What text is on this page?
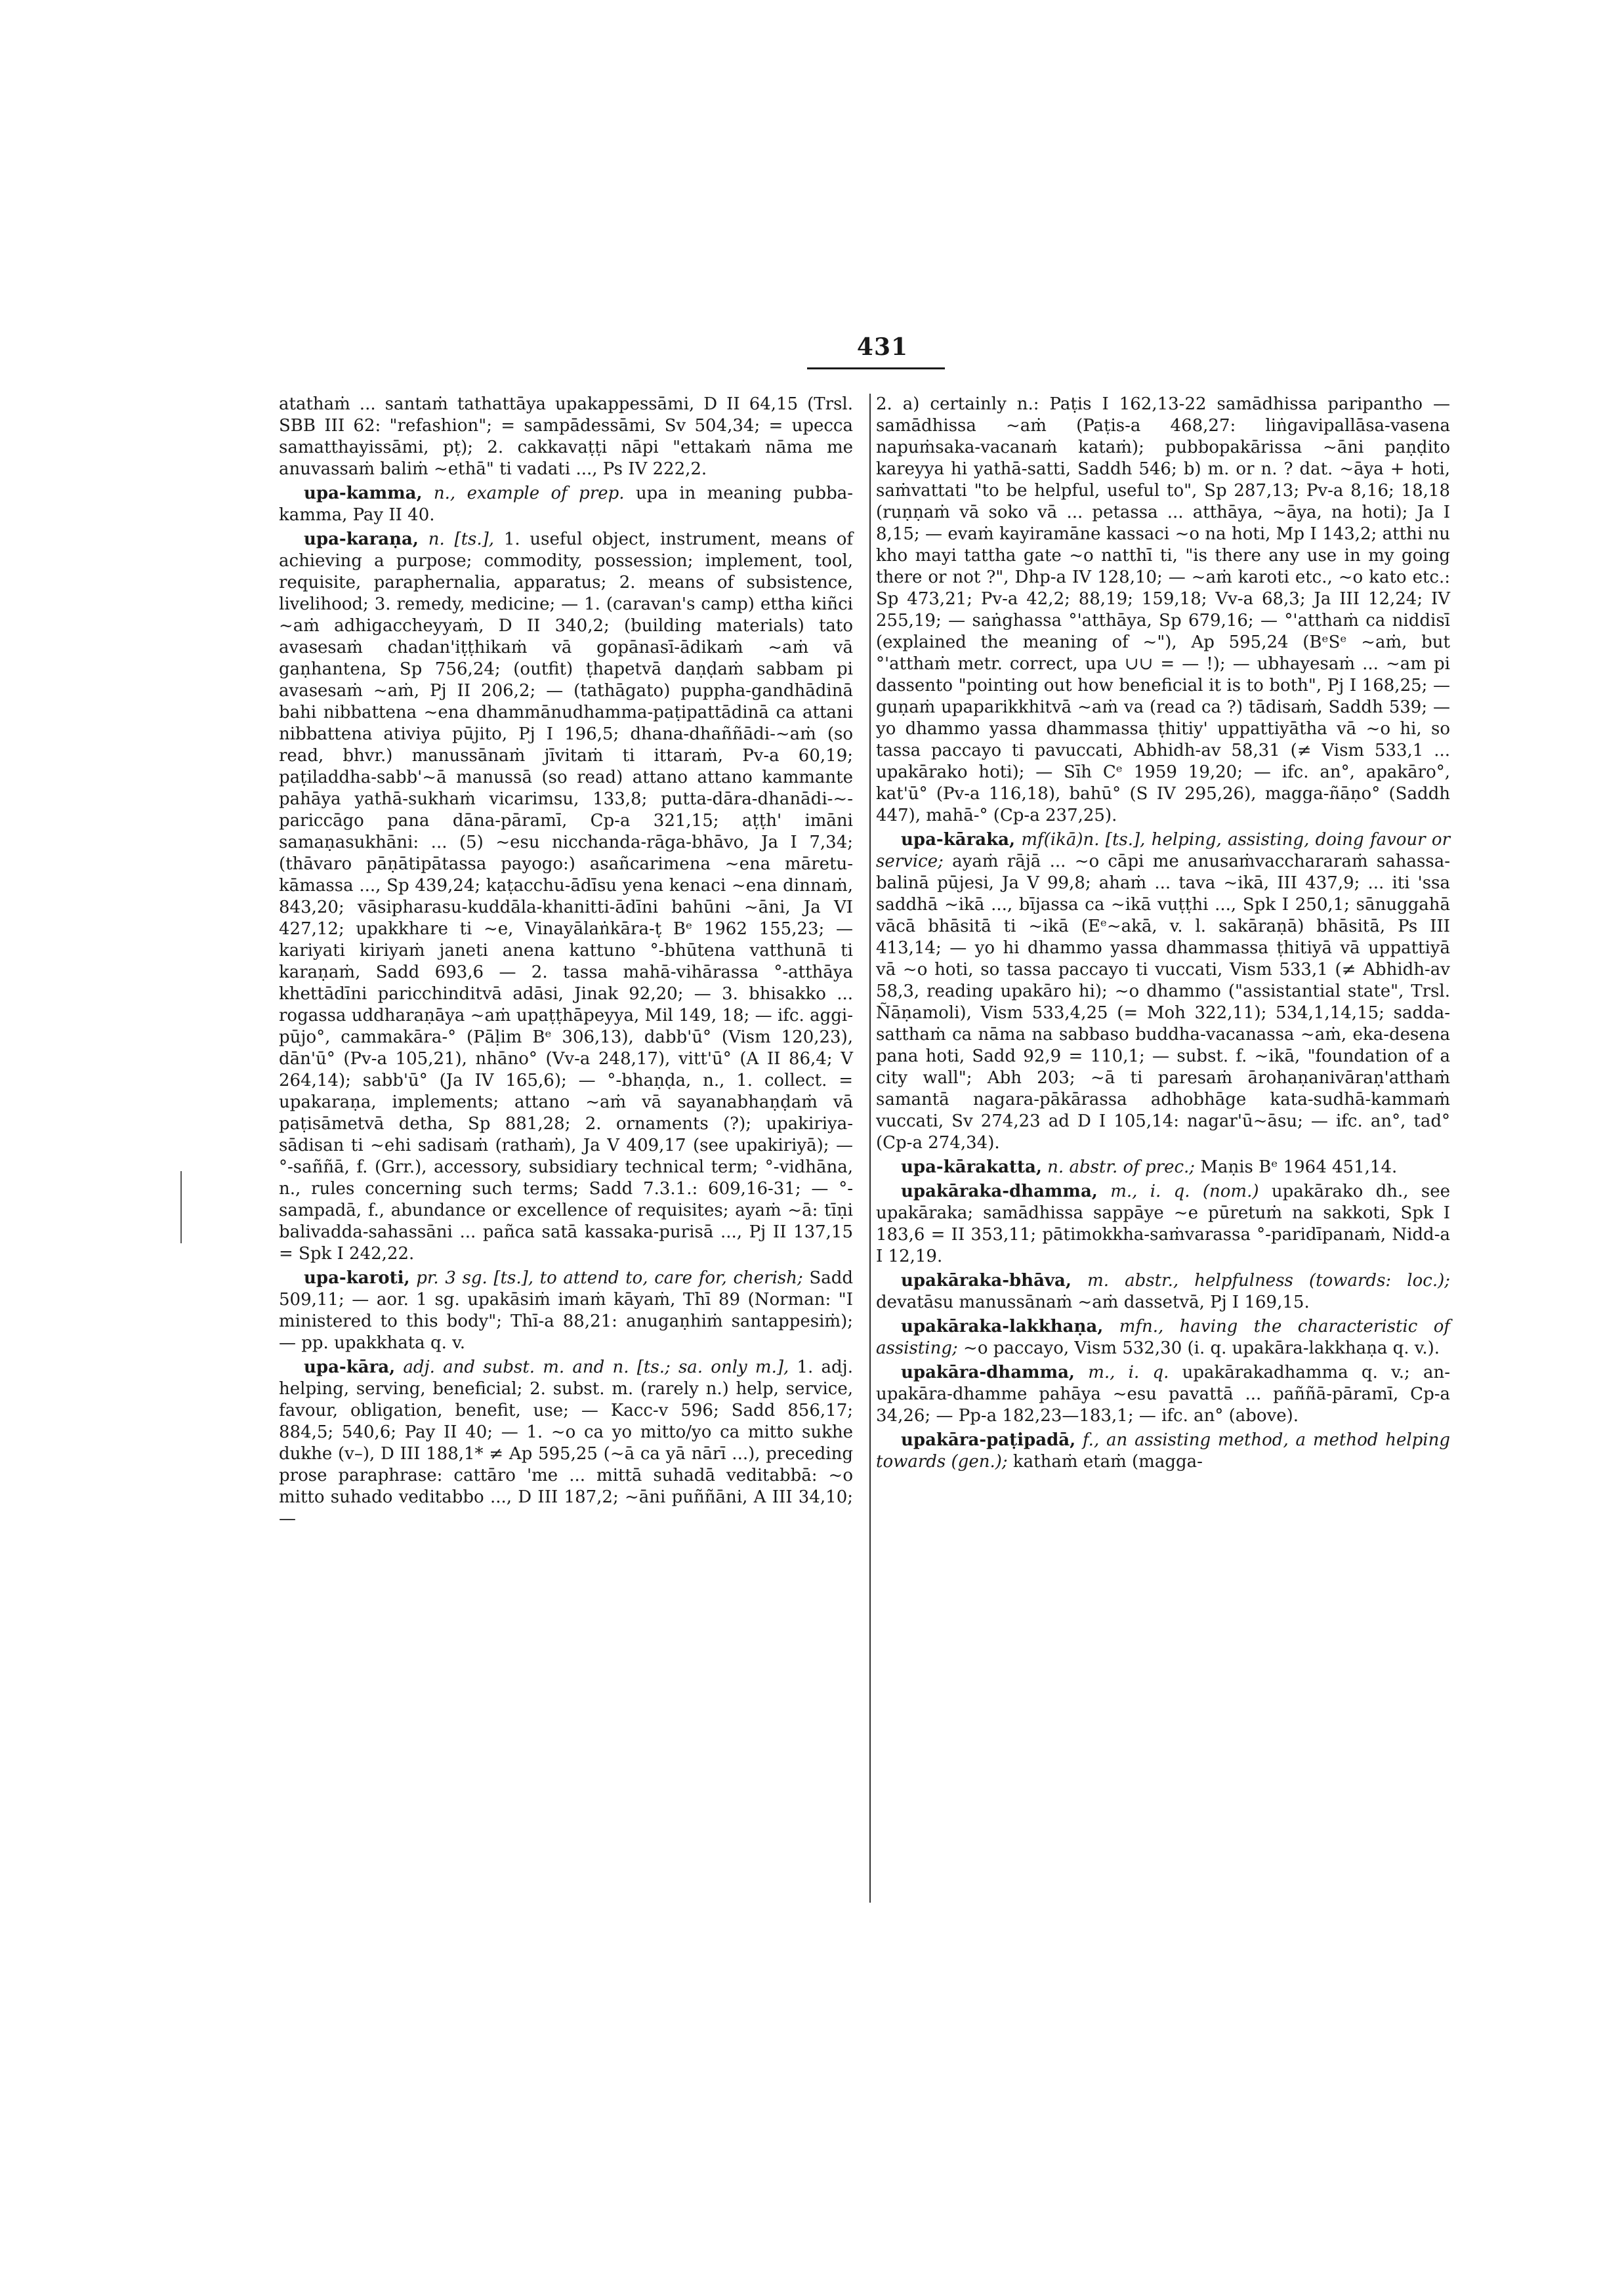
431

atathaṁ ... santaṁ tathattāya upakappessāmi, D II 64,15 (Trsl. SBB III 62: "refashion"; = sampādessāmi, Sv 504,34; = upecca samatthayissāmi, pṭ); 2. cakkavaṭṭi nāpi "ettakaṁ nāma me anuvassaṁ baliṁ ~ethā" ti vadati ..., Ps IV 222,2.

upa-kamma, n., example of prep. upa in meaning pubba-kamma, Pay II 40.

upa-karaṇa, n. [ts.], 1. useful object, instrument, means of achieving a purpose; commodity, possession; implement, tool, requisite, paraphernalia, apparatus; 2. means of subsistence, livelihood; 3. remedy, medicine; — 1. (caravan's camp) ettha kiñci ~aṁ adhigaccheyyaṁ, D II 340,2; (building materials) tato avasesaṁ chadan'iṭṭhikaṁ vā gopānasī-ādikaṁ ~aṁ vā gaṇhantena, Sp 756,24; (outfit) ṭhapetvā daṇḍaṁ sabbam pi avasesaṁ ~aṁ, Pj II 206,2; — (tathāgato) puppha-gandhādinā bahi nibbattena ~ena dhammānudhamma-paṭipattādinā ca attani nibbattena ativiya pūjito, Pj I 196,5; dhana-dhaññādi-~aṁ (so read, bhvr.) manussānaṁ jīvitaṁ ti ittaraṁ, Pv-a 60,19; paṭiladdha-sabb'~ā manussā (so read) attano attano kammante pahāya yathā-sukhaṁ vicarimsu, 133,8; putta-dāra-dhanādi-~-pariccāgo pana dāna-pāramī, Cp-a 321,15; aṭṭh' imāni samaṇasukhāni: ... (5) ~esu nicchanda-rāga-bhāvo, Ja I 7,34; (thāvaro pāṇātipātassa payogo:) asañcarimena ~ena māretu-kāmassa ..., Sp 439,24; kaṭacchu-ādīsu yena kenaci ~ena dinnaṁ, 843,20; vāsipharasu-kuddāla-khanitti-ādīni bahūni ~āni, Ja VI 427,12; upakkhare ti ~e, Vinayālaṅkāra-ṭ Bᵉ 1962 155,23; — kariyati kiriyaṁ janeti anena kattuno °-bhūtena vatthunā ti karaṇaṁ, Sadd 693,6 — 2. tassa mahā-vihārassa °-atthāya khettādīni paricchinditvā adāsi, Jinak 92,20; — 3. bhisakko ... rogassa uddharaṇāya ~aṁ upaṭṭhāpeyya, Mil 149, 18; — ifc. aggi-pūjo°, cammakāra-° (Pāḷim Bᵉ 306,13), dabb'ū° (Vism 120,23), dān'ū° (Pv-a 105,21), nhāno° (Vv-a 248,17), vitt'ū° (A II 86,4; V 264,14); sabb'ū° (Ja IV 165,6); — °-bhaṇḍa, n., 1. collect. = upakaraṇa, implements; attano ~aṁ vā sayanabhaṇḍaṁ vā paṭisāmetvā detha, Sp 881,28; 2. ornaments (?); upakiriya-sādisan ti ~ehi sadisaṁ (rathaṁ), Ja V 409,17 (see upakiriyā); — °-saññā, f. (Grr.), accessory, subsidiary technical term; °-vidhāna, n., rules concerning such terms; Sadd 7.3.1.: 609,16-31; — °-sampadā, f., abundance or excellence of requisites; ayaṁ ~ā: tīṇi balivadda-sahassāni ... pañca satā kassaka-purisā ..., Pj II 137,15 = Spk I 242,22.

upa-karoti, pr. 3 sg. [ts.], to attend to, care for, cherish; Sadd 509,11; — aor. 1 sg. upakāsiṁ imaṁ kāyaṁ, Thī 89 (Norman: "I ministered to this body"; Thī-a 88,21: anugaṇhiṁ santappesiṁ); — pp. upakkhata q. v.

upa-kāra, adj. and subst. m. and n. [ts.; sa. only m.], 1. adj. helping, serving, beneficial; 2. subst. m. (rarely n.) help, service, favour, obligation, benefit, use; — Kacc-v 596; Sadd 856,17; 884,5; 540,6; Pay II 40; — 1. ~o ca yo mitto/yo ca mitto sukhe dukhe (v–), D III 188,1* ≠ Ap 595,25 (~ā ca yā nārī ...), preceding prose paraphrase: cattāro 'me ... mittā suhadā veditabbā: ~o mitto suhado veditabbo ..., D III 187,2; ~āni puññāni, A III 34,10; —

2. a) certainly n.: Paṭis I 162,13-22 samādhissa paripantho — samādhissa ~aṁ (Paṭis-a 468,27: liṅgavipallāsa-vasena napuṁsaka-vacanaṁ kataṁ); pubbopakārissa ~āni paṇḍito kareyya hi yathā-satti, Saddh 546; b) m. or n. ? dat. ~āya + hoti, saṁvattati "to be helpful, useful to", Sp 287,13; Pv-a 8,16; 18,18 (ruṇṇaṁ vā soko vā ... petassa ... atthāya, ~āya, na hoti); Ja I 8,15; — evaṁ kayiramāne kassaci ~o na hoti, Mp I 143,2; atthi nu kho mayi tattha gate ~o natthī ti, "is there any use in my going there or not ?", Dhp-a IV 128,10; — ~aṁ karoti etc., ~o kato etc.: Sp 473,21; Pv-a 42,2; 88,19; 159,18; Vv-a 68,3; Ja III 12,24; IV 255,19; — saṅghassa °'atthāya, Sp 679,16; — °'atthaṁ ca niddisī (explained the meaning of ~"), Ap 595,24 (BᵉSᵉ ~aṁ, but °'atthaṁ metr. correct, upa ∪∪ = — !); — ubhayesaṁ ... ~am pi dassento "pointing out how beneficial it is to both", Pj I 168,25; — guṇaṁ upaparikkhitvā ~aṁ va (read ca ?) tādisaṁ, Saddh 539; — yo dhammo yassa dhammassa ṭhitiy' uppattiyātha vā ~o hi, so tassa paccayo ti pavuccati, Abhidh-av 58,31 (≠ Vism 533,1 ... upakārako hoti); — Sīh Cᵉ 1959 19,20; — ifc. an°, apakāro°, kat'ū° (Pv-a 116,18), bahū° (S IV 295,26), magga-ñāṇo° (Saddh 447), mahā-° (Cp-a 237,25).

upa-kāraka, mf(ikā)n. [ts.], helping, assisting, doing favour or service; ayaṁ rājā ... ~o cāpi me anusaṁvacchararaṁ sahassa-balinā pūjesi, Ja V 99,8; ahaṁ ... tava ~ikā, III 437,9; ... iti 'ssa saddhā ~ikā ..., bījassa ca ~ikā vuṭṭhi ..., Spk I 250,1; sānuggahā vācā bhāsitā ti ~ikā (Eᵉ~akā, v. l. sakāraṇā) bhāsitā, Ps III 413,14; — yo hi dhammo yassa dhammassa ṭhitiyā vā uppattiyā vā ~o hoti, so tassa paccayo ti vuccati, Vism 533,1 (≠ Abhidh-av 58,3, reading upakāro hi); ~o dhammo ("assistantial state", Trsl. Ñāṇamoli), Vism 533,4,25 (= Moh 322,11); 534,1,14,15; sadda-satthaṁ ca nāma na sabbaso buddha-vacanassa ~aṁ, eka-desena pana hoti, Sadd 92,9 = 110,1; — subst. f. ~ikā, "foundation of a city wall"; Abh 203; ~ā ti paresaṁ ārohaṇanivāraṇ'atthaṁ samantā nagara-pākārassa adhobhāge kata-sudhā-kammaṁ vuccati, Sv 274,23 ad D I 105,14: nagar'ū~āsu; — ifc. an°, tad° (Cp-a 274,34).

upa-kārakatta, n. abstr. of prec.; Maṇis Bᵉ 1964 451,14.

upakāraka-dhamma, m., i. q. (nom.) upakārako dh., see upakāraka; samādhissa sappāye ~e pūretuṁ na sakkoti, Spk I 183,6 = II 353,11; pātimokkha-saṁvarassa °-paridīpanaṁ, Nidd-a I 12,19.

upakāraka-bhāva, m. abstr., helpfulness (towards: loc.); devatāsu manussānaṁ ~aṁ dassetvā, Pj I 169,15.

upakāraka-lakkhaṇa, mfn., having the characteristic of assisting; ~o paccayo, Vism 532,30 (i. q. upakāra-lakkhaṇa q. v.).

upakāra-dhamma, m., i. q. upakārakadhamma q. v.; an-upakāra-dhamme pahāya ~esu pavattā ... paññā-pāramī, Cp-a 34,26; — Pp-a 182,23—183,1; — ifc. an° (above).

upakāra-paṭipadā, f., an assisting method, a method helping towards (gen.); kathaṁ etaṁ (magga-
